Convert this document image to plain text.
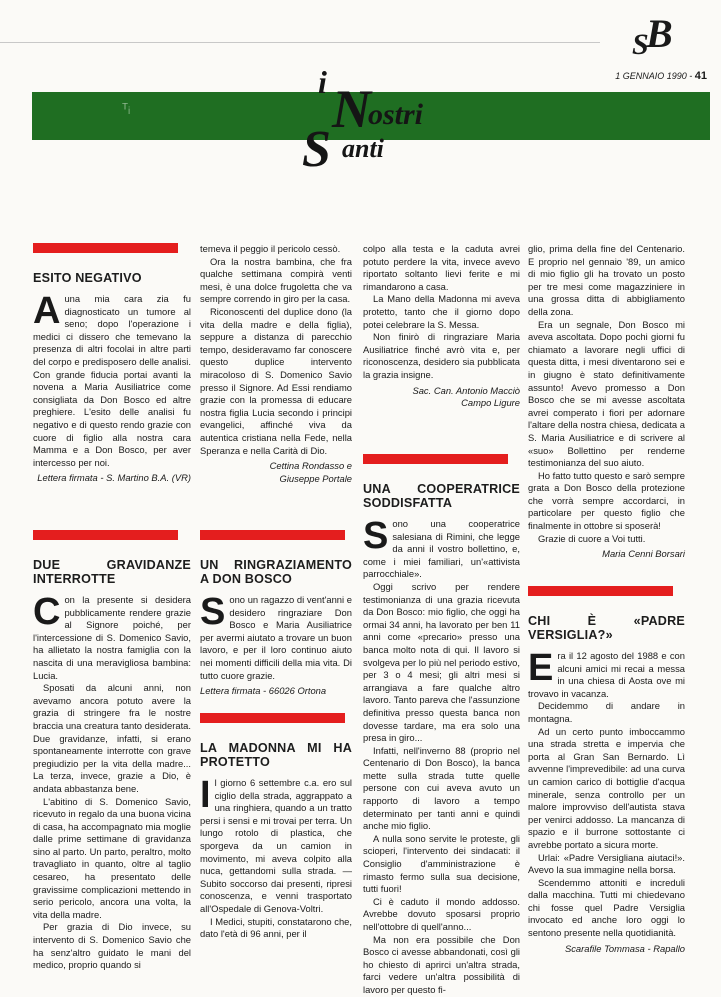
S
B
1 GENNAIO 1990 - 41
ᵀᵢ
i N
ostri
S anti
ESITO NEGATIVO

Auna mia cara zia fu diagnosticato un tumore al seno; dopo l'operazione i medici ci dissero che temevano la presenza di altri focolai in altre parti del corpo e predisposero delle analisi. Con grande fiducia portai avanti la novena a Maria Ausiliatrice come consigliata da Don Bosco ed altre preghiere. L'esito delle analisi fu negativo e di questo rendo grazie con cuore di figlio alla nostra cara Mamma e a Don Bosco, per aver intercesso per noi.

Lettera firmata - S. Martino B.A. (VR)
DUE GRAVIDANZE INTERROTTE

Con la presente si desidera pubblicamente rendere grazie al Signore poiché, per l'intercessione di S. Domenico Savio, ha allietato la nostra famiglia con la nascita di una meravigliosa bambina: Lucia.

Sposati da alcuni anni, non avevamo ancora potuto avere la grazia di stringere fra le nostre braccia una creatura tanto desiderata. Due gravidanze, infatti, si erano spontaneamente interrotte con grave pregiudizio per la vita della madre... La terza, invece, grazie a Dio, è andata abbastanza bene.

L'abitino di S. Domenico Savio, ricevuto in regalo da una buona vicina di casa, ha accompagnato mia moglie dalle prime settimane di gravidanza sino al parto. Un parto, peraltro, molto travagliato in quanto, oltre al taglio cesareo, ha presentato delle gravissime complicazioni mettendo in serio pericolo, ancora una volta, la vita della madre.

Per grazia di Dio invece, su intervento di S. Domenico Savio che ha senz'altro guidato le mani del medico, proprio quando si

temeva il peggio il pericolo cessò.

Ora la nostra bambina, che fra qualche settimana compirà venti mesi, è una dolce frugoletta che va sempre correndo in giro per la casa.

Riconoscenti del duplice dono (la vita della madre e della figlia), seppure a distanza di parecchio tempo, desideravamo far conoscere questo duplice intervento miracoloso di S. Domenico Savio presso il Signore. Ad Essi rendiamo grazie con la promessa di educare nostra figlia Lucia secondo i principi evangelici, affinché viva da autentica cristiana nella Fede, nella Speranza e nella Carità di Dio.

Cettina Rondasso e Giuseppe Portale
UN RINGRAZIAMENTO A DON BOSCO

Sono un ragazzo di vent'anni e desidero ringraziare Don Bosco e Maria Ausiliatrice per avermi aiutato a trovare un buon lavoro, e per il loro continuo aiuto nei momenti difficili della mia vita. Di tutto cuore grazie.

Lettera firmata - 66026 Ortona
LA MADONNA MI HA PROTETTO

Il giorno 6 settembre c.a. ero sul ciglio della strada, aggrappato a una ringhiera, quando a un tratto persi i sensi e mi trovai per terra. Un lungo rotolo di plastica, che sporgeva da un camion in movimento, mi aveva colpito alla nuca, gettandomi sulla strada. — Subito soccorso dai presenti, ripresi conoscenza, e venni trasportato all'Ospedale di Genova-Voltri.

I Medici, stupiti, constatarono che, dato l'età di 96 anni, per il

colpo alla testa e la caduta avrei potuto perdere la vita, invece avevo riportato soltanto lievi ferite e mi rimandarono a casa.

La Mano della Madonna mi aveva protetto, tanto che il giorno dopo potei celebrare la S. Messa.

Non finirò di ringraziare Maria Ausiliatrice finché avrò vita e, per riconoscenza, desidero sia pubblicata la grazia insigne.

Sac. Can. Antonio Macciò Campo Ligure
UNA COOPERATRICE SODDISFATTA

Sono una cooperatrice salesiana di Rimini, che legge da anni il vostro bollettino, e, come i miei familiari, un'«attivista parrocchiale».

Oggi scrivo per rendere testimonianza di una grazia ricevuta da Don Bosco: mio figlio, che oggi ha ormai 34 anni, ha lavorato per ben 11 anni come «precario» presso una banca molto nota di qui. Il lavoro si svolgeva per lo più nel periodo estivo, per 3 o 4 mesi; gli altri mesi si arrangiava a fare qualche altro lavoro. Tanto pareva che l'assunzione definitiva presso questa banca non dovesse tardare, ma era solo una presa in giro...

Infatti, nell'inverno 88 (proprio nel Centenario di Don Bosco), la banca mette sulla strada tutte quelle persone con cui aveva avuto un rapporto di lavoro a tempo determinato per tanti anni e quindi anche mio figlio.

A nulla sono servite le proteste, gli scioperi, l'intervento dei sindacati: il Consiglio d'amministrazione è rimasto fermo sulla sua decisione, tutti fuori!

Ci è caduto il mondo addosso. Avrebbe dovuto sposarsi proprio nell'ottobre di quell'anno...

Ma non era possibile che Don Bosco ci avesse abbandonati, così gli ho chiesto di aprirci un'altra strada, farci vedere un'altra possibilità di lavoro per questo fi-

glio, prima della fine del Centenario. E proprio nel gennaio '89, un amico di mio figlio gli ha trovato un posto per tre mesi come magazziniere in una grossa ditta di abbigliamento della zona.

Era un segnale, Don Bosco mi aveva ascoltata. Dopo pochi giorni fu chiamato a lavorare negli uffici di questa ditta, i mesi diventarono sei e in giugno è stato definitivamente assunto! Avevo promesso a Don Bosco che se mi avesse ascoltata avrei comperato i fiori per adornare l'altare della nostra chiesa, dedicata a S. Maria Ausiliatrice e di scrivere al «suo» Bollettino per renderne testimonianza del suo aiuto.

Ho fatto tutto questo e sarò sempre grata a Don Bosco della protezione che vorrà sempre accordarci, in particolare per questo figlio che finalmente in ottobre si sposerà!

Grazie di cuore a Voi tutti.

Maria Cenni Borsari
CHI È «PADRE VERSIGLIA?»

Era il 12 agosto del 1988 e con alcuni amici mi recai a messa in una chiesa di Aosta ove mi trovavo in vacanza.

Decidemmo di andare in montagna.

Ad un certo punto imboccammo una strada stretta e impervia che porta al Gran San Bernardo. Lì avvenne l'imprevedibile: ad una curva un camion carico di bottiglie d'acqua minerale, senza controllo per un malore improvviso dell'autista stava per venirci addosso. La mancanza di spazio e il burrone sottostante ci avrebbe portato a sicura morte.

Urlai: «Padre Versigliana aiutaci!». Avevo la sua immagine nella borsa.

Scendemmo attoniti e increduli dalla macchina. Tutti mi chiedevano chi fosse quel Padre Versiglia invocato ed anche loro oggi lo sentono presente nella quotidianità.

Scarafile Tommasa - Rapallo
